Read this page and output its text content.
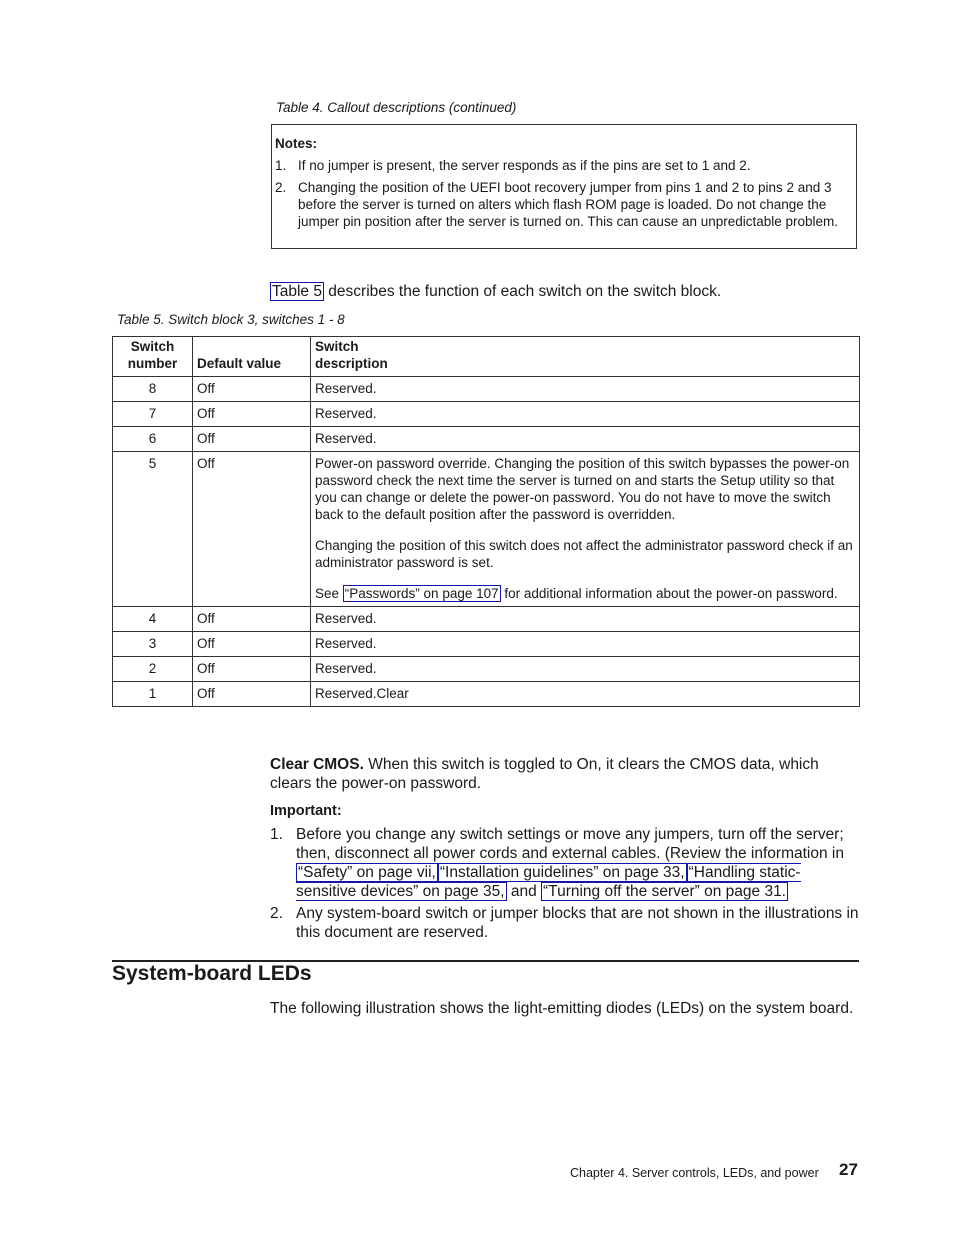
Table 4. Callout descriptions (continued)
Notes:
1. If no jumper is present, the server responds as if the pins are set to 1 and 2.
2. Changing the position of the UEFI boot recovery jumper from pins 1 and 2 to pins 2 and 3 before the server is turned on alters which flash ROM page is loaded. Do not change the jumper pin position after the server is turned on. This can cause an unpredictable problem.
Table 5 describes the function of each switch on the switch block.
Table 5. Switch block 3, switches 1 - 8
Switch number	Default value	Switch description
8	Off	Reserved.
7	Off	Reserved.
6	Off	Reserved.
5	Off	Power-on password override. Changing the position of this switch bypasses the power-on password check the next time the server is turned on and starts the Setup utility so that you can change or delete the power-on password. You do not have to move the switch back to the default position after the password is overridden.

Changing the position of this switch does not affect the administrator password check if an administrator password is set.

See “Passwords” on page 107 for additional information about the power-on password.

4	Off	Reserved.
3	Off	Reserved.
2	Off	Reserved.
1	Off	Reserved.Clear
Clear CMOS. When this switch is toggled to On, it clears the CMOS data, which clears the power-on password.
Important:
1. Before you change any switch settings or move any jumpers, turn off the server; then, disconnect all power cords and external cables. (Review the information in “Safety” on page vii, “Installation guidelines” on page 33, “Handling static-sensitive devices” on page 35, and “Turning off the server” on page 31.
2. Any system-board switch or jumper blocks that are not shown in the illustrations in this document are reserved.
System-board LEDs
The following illustration shows the light-emitting diodes (LEDs) on the system board.
Chapter 4. Server controls, LEDs, and power 27
